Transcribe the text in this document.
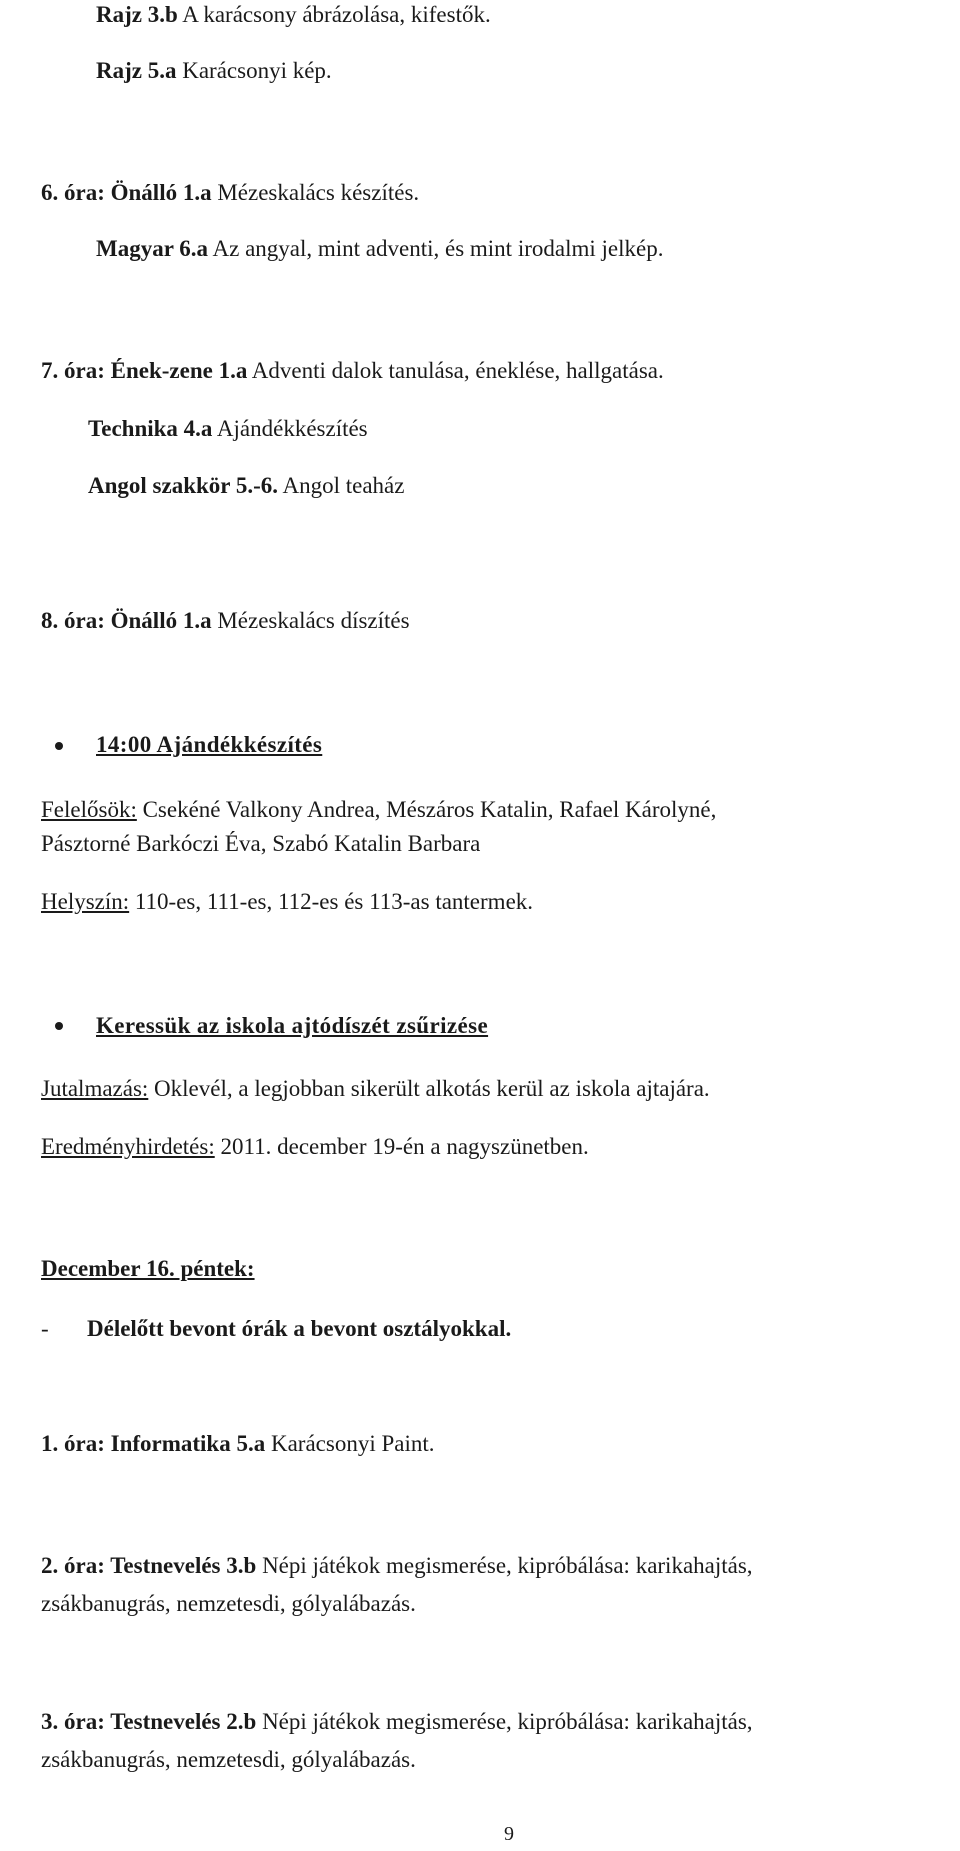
Rajz 3.b A karácsony ábrázolása, kifestők.
Rajz 5.a Karácsonyi kép.
6. óra: Önálló 1.a Mézeskalács készítés.
Magyar 6.a Az angyal, mint adventi, és mint irodalmi jelkép.
7. óra: Ének-zene 1.a Adventi dalok tanulása, éneklése, hallgatása.
Technika 4.a Ajándékkészítés
Angol szakkör 5.-6. Angol teaház
8. óra: Önálló 1.a Mézeskalács díszítés
14:00 Ajándékkészítés
Felelősök: Csekéné Valkony Andrea, Mészáros Katalin, Rafael Károlyné,
Pásztorné Barkóczi Éva, Szabó Katalin Barbara
Helyszín: 110-es, 111-es, 112-es és 113-as tantermek.
Keressük az iskola ajtódíszét zsűrizése
Jutalmazás: Oklevél, a legjobban sikerült alkotás kerül az iskola ajtajára.
Eredményhirdetés: 2011. december 19-én a nagyszünetben.
December 16. péntek:
- Délelőtt bevont órák a bevont osztályokkal.
1. óra: Informatika 5.a Karácsonyi Paint.
2. óra: Testnevelés 3.b Népi játékok megismerése, kipróbálása: karikahajtás,
zsákbanugrás, nemzetesdi, gólyalábazás.
3. óra: Testnevelés 2.b Népi játékok megismerése, kipróbálása: karikahajtás,
zsákbanugrás, nemzetesdi, gólyalábazás.
9
